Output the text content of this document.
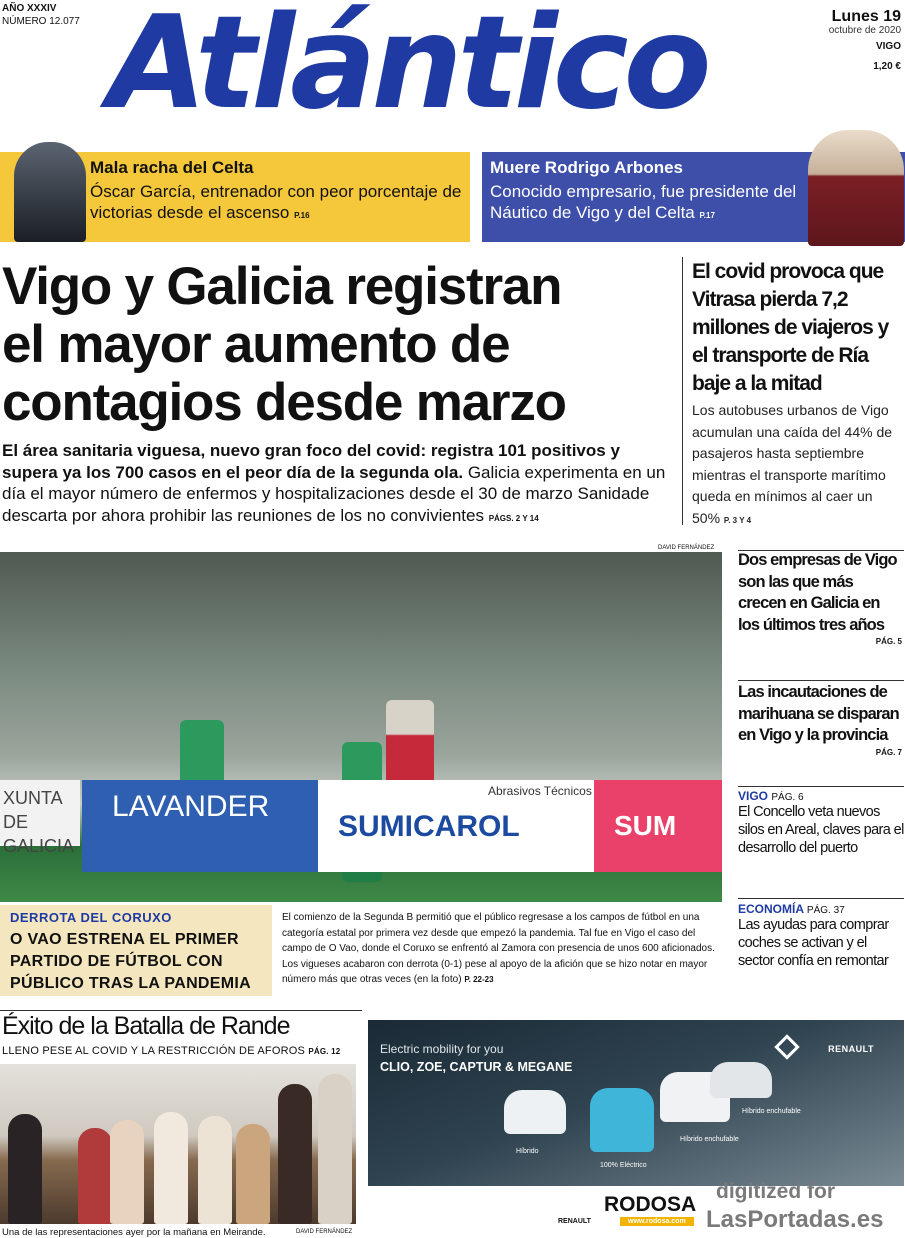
AÑO XXXIV
NÚMERO 12.077 Atlántico	Lunes 19
octubre de 2020
VIGO
1,20 €
Mala racha del Celta

Óscar García, entrenador con peor porcentaje de victorias desde el ascenso P.16

Muere Rodrigo Arbones

Conocido empresario, fue presidente del Náutico de Vigo y del Celta P.17

Vigo y Galicia registran
el mayor aumento de
contagios desde marzo
El área sanitaria viguesa, nuevo gran foco del covid: registra 101 positivos y supera ya los 700 casos en el peor día de la segunda ola. Galicia experimenta en un día el mayor número de enfermos y hospitalizaciones desde el 30 de marzo Sanidade descarta por ahora prohibir las reuniones de los no convivientes PÁGS. 2 Y 14
El covid provoca que
Vitrasa pierda 7,2
millones de viajeros y
el transporte de Ría
baje a la mitad
Los autobuses urbanos de Vigo acumulan una caída del 44% de pasajeros hasta septiembre mientras el transporte marítimo queda en mínimos al caer un 50% P. 3 Y 4
DAVID FERNÁNDEZ
XUNTA DE GALICIA
LAVANDER	Abrasivos Técnicos
SUMICAROL	SUM
DERROTA DEL CORUXO
O VAO ESTRENA EL PRIMER PARTIDO DE FÚTBOL CON PÚBLICO TRAS LA PANDEMIA
El comienzo de la Segunda B permitió que el público regresase a los campos de fútbol en una categoría estatal por primera vez desde que empezó la pandemia. Tal fue en Vigo el caso del campo de O Vao, donde el Coruxo se enfrentó al Zamora con presencia de unos 600 aficionados. Los vigueses acabaron con derrota (0-1) pese al apoyo de la afición que se hizo notar en mayor número más que otras veces (en la foto) P. 22-23
Dos empresas de Vigo son las que más crecen en Galicia en los últimos tres años
PÁG. 5
Las incautaciones de marihuana se disparan en Vigo y la provincia
PÁG. 7
VIGO PÁG. 6
El Concello veta nuevos silos en Areal, claves para el desarrollo del puerto
ECONOMÍA PÁG. 37
Las ayudas para comprar coches se activan y el sector confía en remontar
Éxito de la Batalla de Rande
LLENO PESE AL COVID Y LA RESTRICCIÓN DE AFOROS PÁG. 12
Una de las representaciones ayer por la mañana en Meirande.	DAVID FERNÁNDEZ
Electric mobility for you
CLIO, ZOE, CAPTUR & MEGANE
RENAULT
Híbrido
100% Eléctrico
Híbrido enchufable
Híbrido enchufable
RENAULT
RODOSA
www.rodosa.com
digitized for
LasPortadas.es
